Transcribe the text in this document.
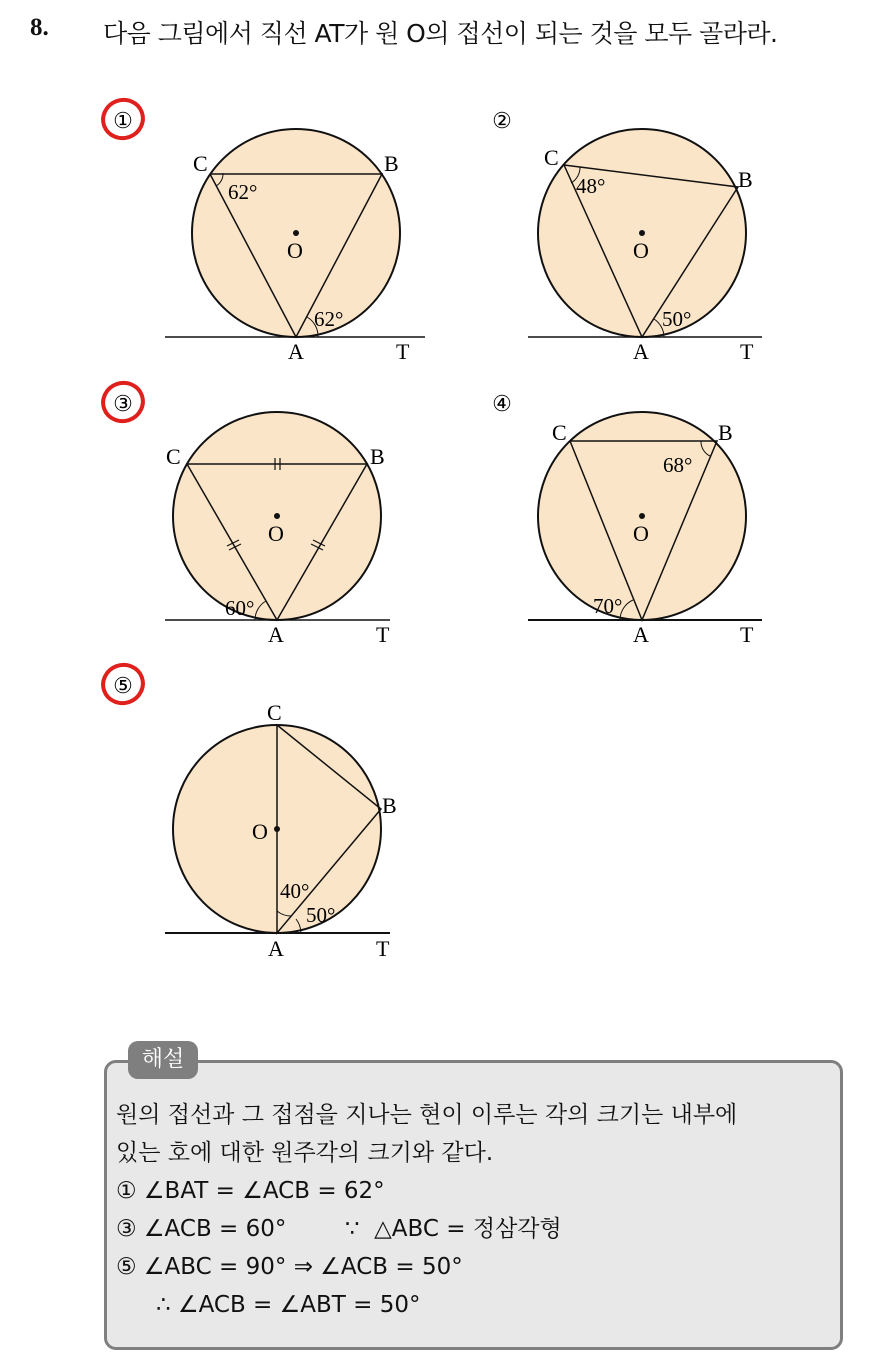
8. 다음 그림에서 직선 AT가 원 O의 접선이 되는 것을 모두 골라라.
①
C	B
O
A	T
62°
62°
②
C
B
O
A	T
48°
50°
③
C	B
O
A	T
60°
④
C	B
O
A	T
68°
70°
⑤
C
B
O
A	T
40°
50°
해설
원의 접선과 그 접점을 지나는 현이 이루는 각의 크기는 내부에
있는 호에 대한 원주각의 크기와 같다.
① ∠BAT = ∠ACB = 62°
③ ∠ACB = 60°        ∵  △ABC = 정삼각형
⑤ ∠ABC = 90° ⇒ ∠ACB = 50°
∴ ∠ACB = ∠ABT = 50°
